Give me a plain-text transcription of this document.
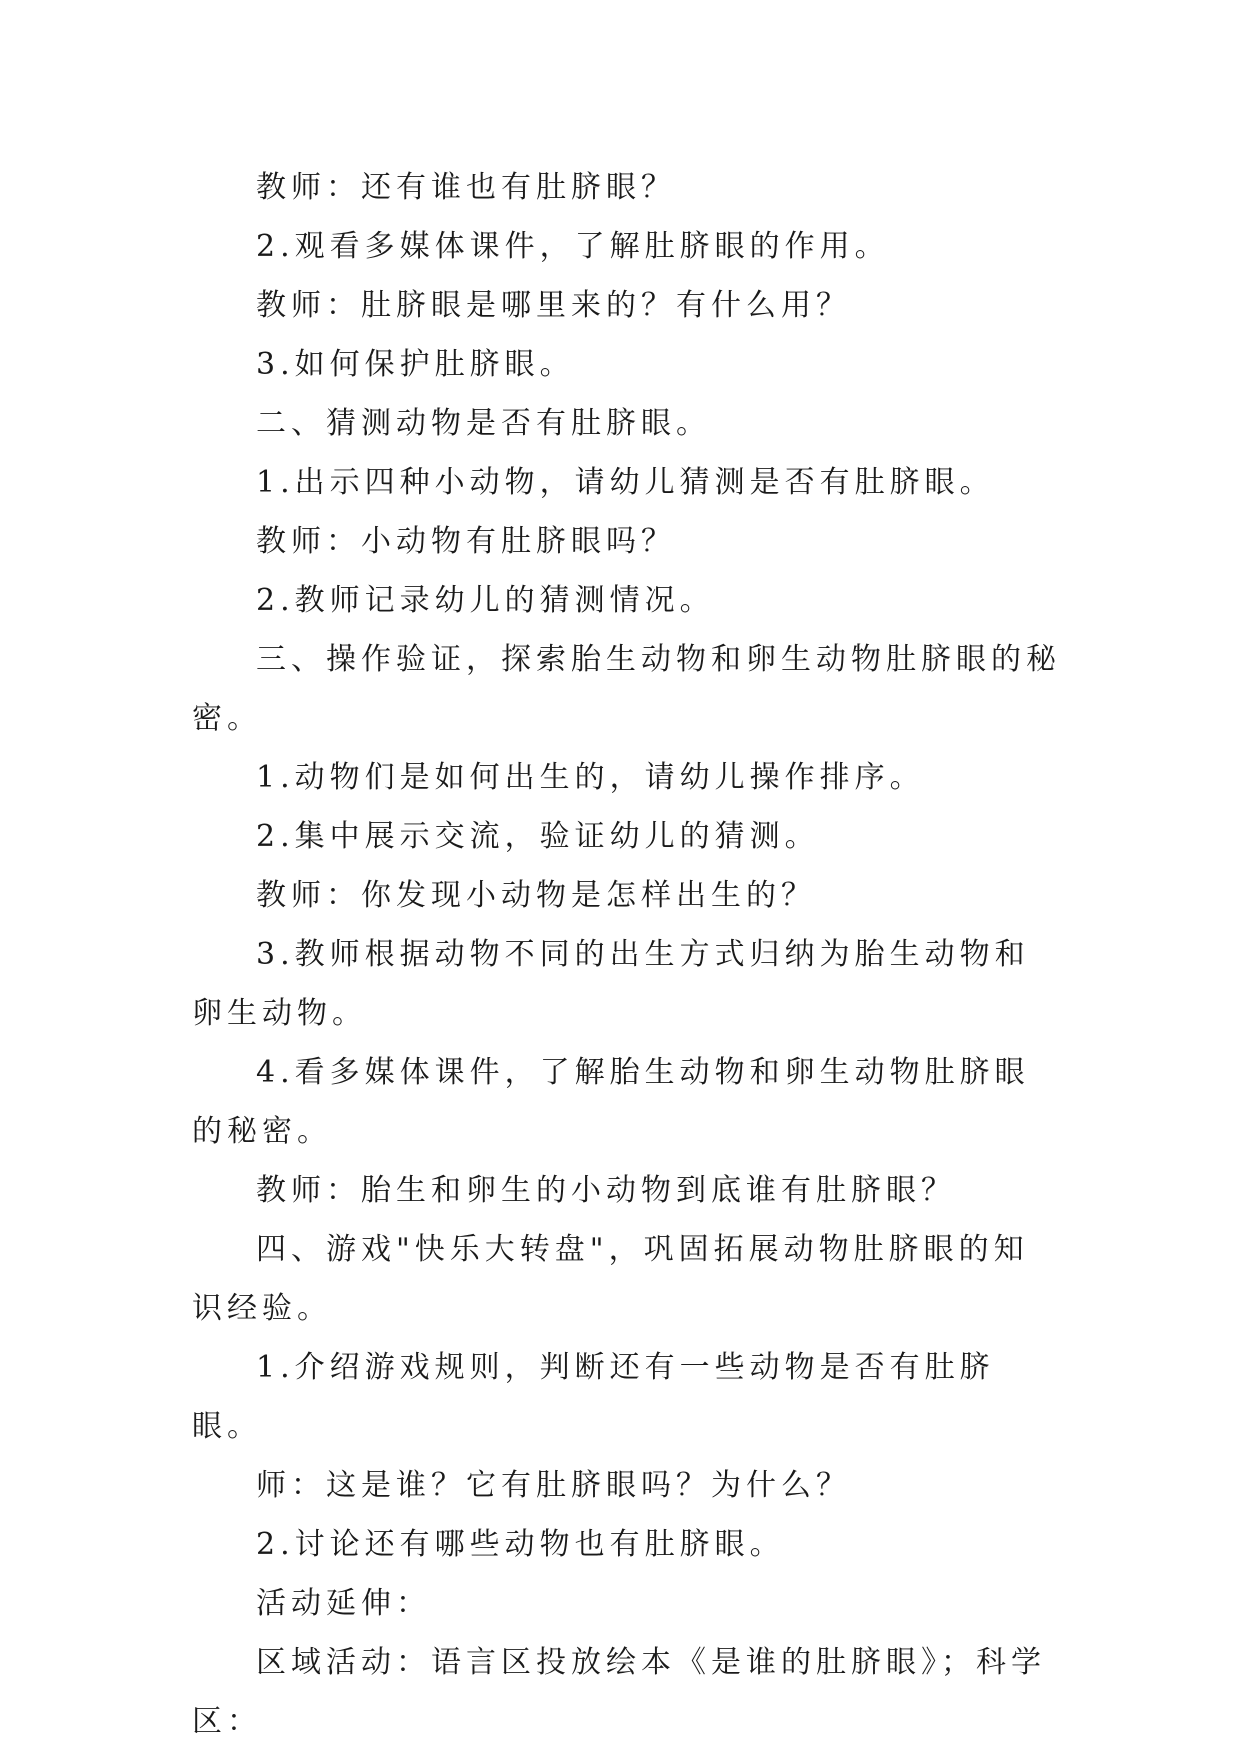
教师：还有谁也有肚脐眼？

2.观看多媒体课件，了解肚脐眼的作用。

教师：肚脐眼是哪里来的？有什么用？

3.如何保护肚脐眼。

二、猜测动物是否有肚脐眼。

1.出示四种小动物，请幼儿猜测是否有肚脐眼。

教师：小动物有肚脐眼吗？

2.教师记录幼儿的猜测情况。

三、操作验证，探索胎生动物和卵生动物肚脐眼的秘密。

1.动物们是如何出生的，请幼儿操作排序。

2.集中展示交流，验证幼儿的猜测。

教师：你发现小动物是怎样出生的？

3.教师根据动物不同的出生方式归纳为胎生动物和卵生动物。

4.看多媒体课件，了解胎生动物和卵生动物肚脐眼的秘密。

教师：胎生和卵生的小动物到底谁有肚脐眼？

四、游戏"快乐大转盘"，巩固拓展动物肚脐眼的知识经验。

1.介绍游戏规则，判断还有一些动物是否有肚脐眼。

师：这是谁？它有肚脐眼吗？为什么？

2.讨论还有哪些动物也有肚脐眼。

活动延伸：

区域活动：语言区投放绘本《是谁的肚脐眼》；科学区：
